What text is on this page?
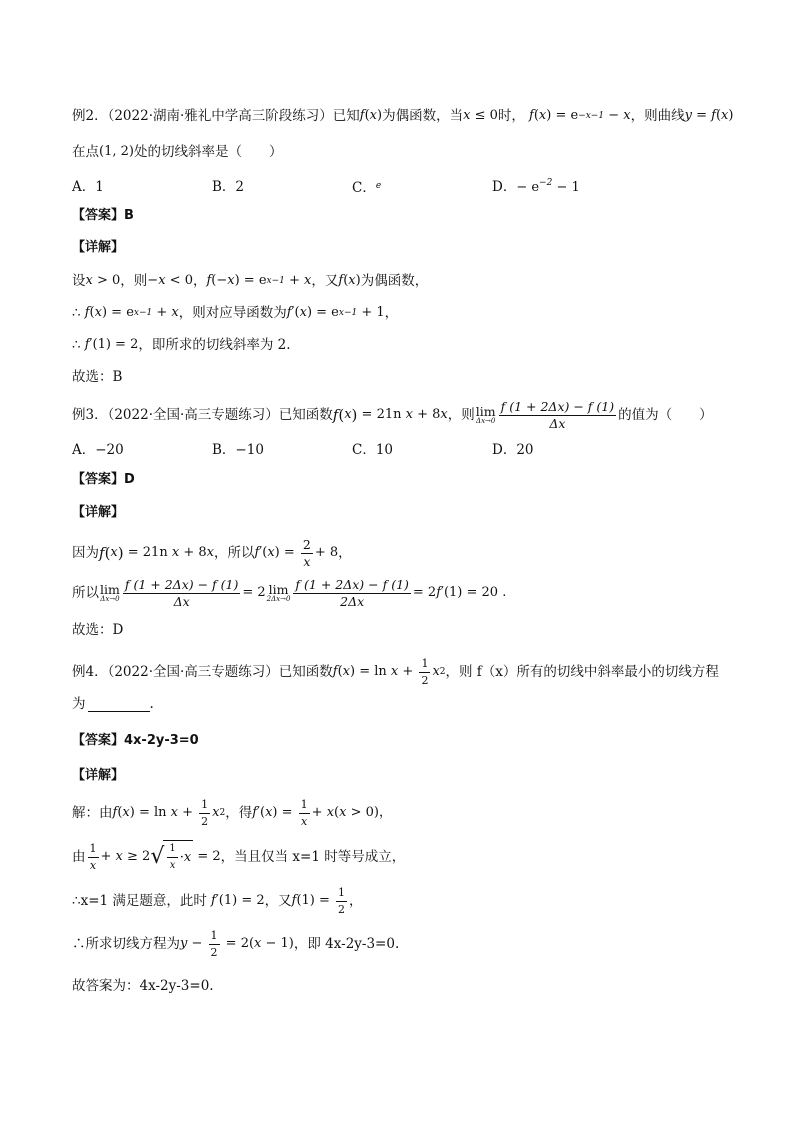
例2．（2022·湖南·雅礼中学高三阶段练习）已知 f ( x ) 为偶函数，当 x ≤ 0 时， f ( x ) = e −x−1 − x ，则曲线 y = f ( x )
在点 (1, 2) 处的切线斜率是（　　）
A．1	B．2	C．$^e$	D．− $e^{-2} - 1$
【答案】B
【详解】
设 x > 0 ，则 − x < 0 ， f (− x ) = e x−1 + x ，又 f ( x ) 为偶函数，
∴ f ( x ) = e x−1 + x ，则对应导函数为 f ′( x ) = e x−1 + 1 ，
∴ f ′(1) = 2 ，即所求的切线斜率为 2.
故选：B
例3．（2022·全国·高三专题练习）已知函数 f ( x ) = 21n x + 8 x ，则 lim
$\Delta x\to 0 \frac{f (1 + 2\Delta x) - f (1)}{\Delta x}$ 的值为（　　）
A．−20	B．−10	C．10	D．20
【答案】D
【详解】
因为 f ( x ) = 21n x + 8 x ，所以 f ′( x ) = $\frac{2}{x} + 8$ ，
所以 lim
$\Delta x\to 0 \frac{f (1 + 2\Delta x) - f (1)}{\Delta x} = 2$ lim
$2\Delta x\to 0 \frac{f (1 + 2\Delta x) - f (1)}{2\Delta x} = 2$ f ′(1) = 20 .
故选：D
例4．（2022·全国·高三专题练习）已知函数 f ( x ) = $\ln x + \frac{1}{2}$ x 2 ，则 f（x）所有的切线中斜率最小的切线方程
为	.
【答案】4x-2y-3=0
【详解】
解：由 f ( x ) = $\ln x + \frac{1}{2}$ x 2 ，得 f ′( x ) = $\frac{1}{x} + x$ ( x > 0) ，
由 $\frac{1}{x} + x \ge 2$ √ $\frac{1}{x} \cdot x = 2$ ，当且仅当 x=1 时等号成立，
∴x=1 满足题意，此时 f ′(1) = 2 ，又 f $(1) = \frac{1}{2}$ ，
∴所求切线方程为 $y - \frac{1}{2} = 2$( x − 1) ，即 4x-2y-3=0.
故答案为：4x-2y-3=0.
